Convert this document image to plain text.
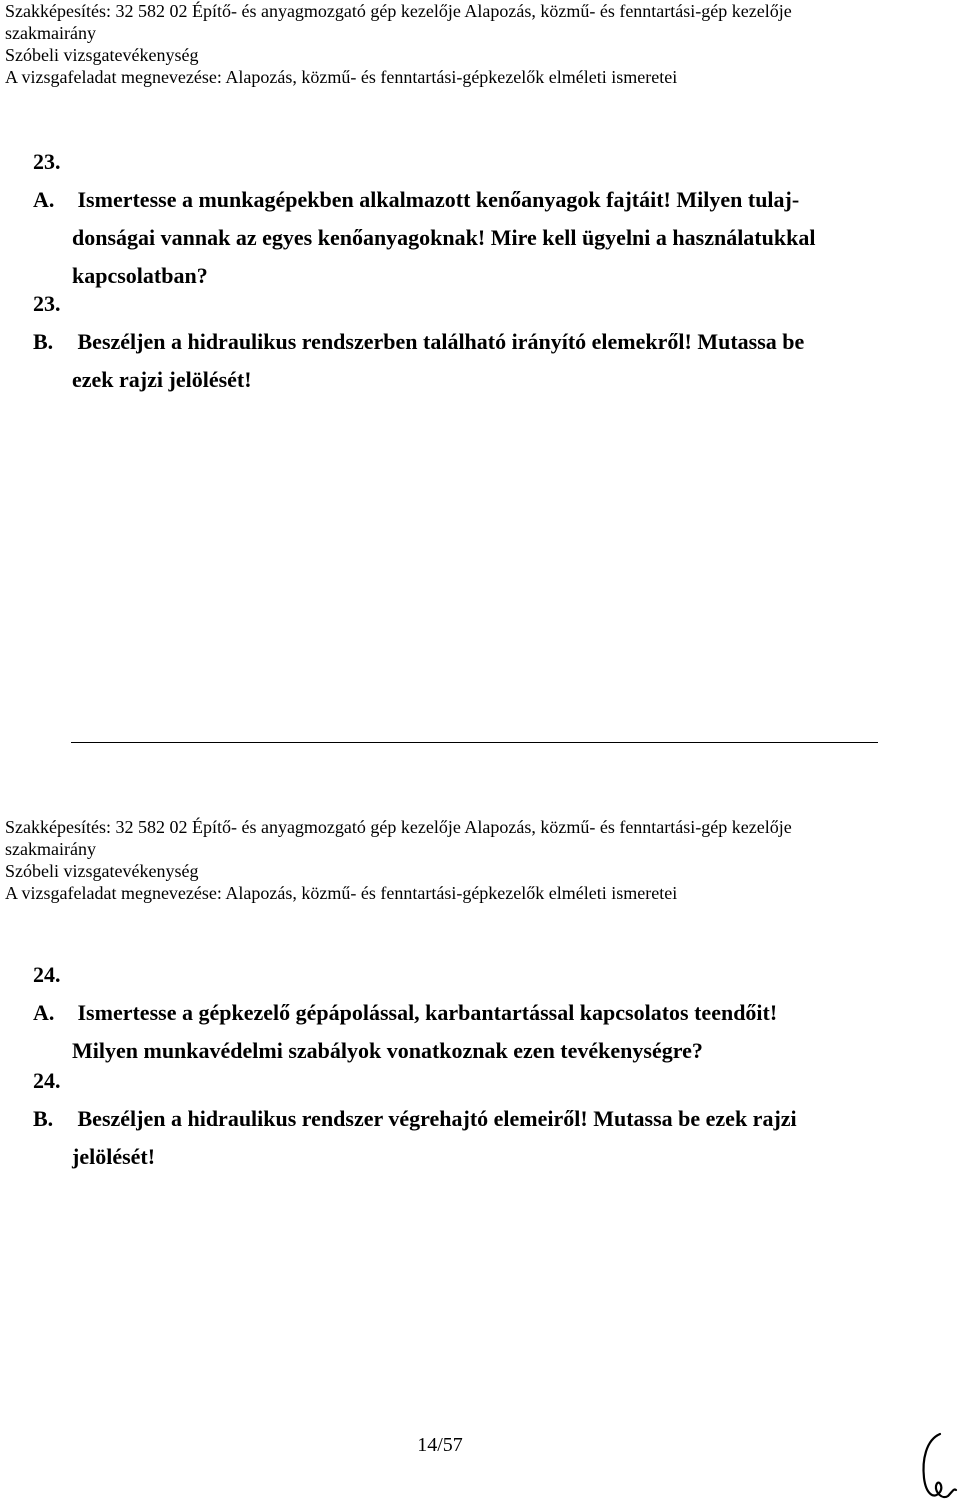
Szakképesítés: 32 582 02 Építő- és anyagmozgató gép kezelője Alapozás, közmű- és fenntartási-gép kezelője
szakmairány
Szóbeli vizsgatevékenység
A vizsgafeladat megnevezése: Alapozás, közmű- és fenntartási-gépkezelők elméleti ismeretei
23. A. Ismertesse a munkagépekben alkalmazott kenőanyagok fajtáit! Milyen tulaj-
donságai vannak az egyes kenőanyagoknak! Mire kell ügyelni a használatukkal
kapcsolatban?
23. B. Beszéljen a hidraulikus rendszerben található irányító elemekről! Mutassa be
ezek rajzi jelölését!
Szakképesítés: 32 582 02 Építő- és anyagmozgató gép kezelője Alapozás, közmű- és fenntartási-gép kezelője
szakmairány
Szóbeli vizsgatevékenység
A vizsgafeladat megnevezése: Alapozás, közmű- és fenntartási-gépkezelők elméleti ismeretei
24. A. Ismertesse a gépkezelő gépápolással, karbantartással kapcsolatos teendőit!
Milyen munkavédelmi szabályok vonatkoznak ezen tevékenységre?
24. B. Beszéljen a hidraulikus rendszer végrehajtó elemeiről! Mutassa be ezek rajzi
jelölését!
14/57
